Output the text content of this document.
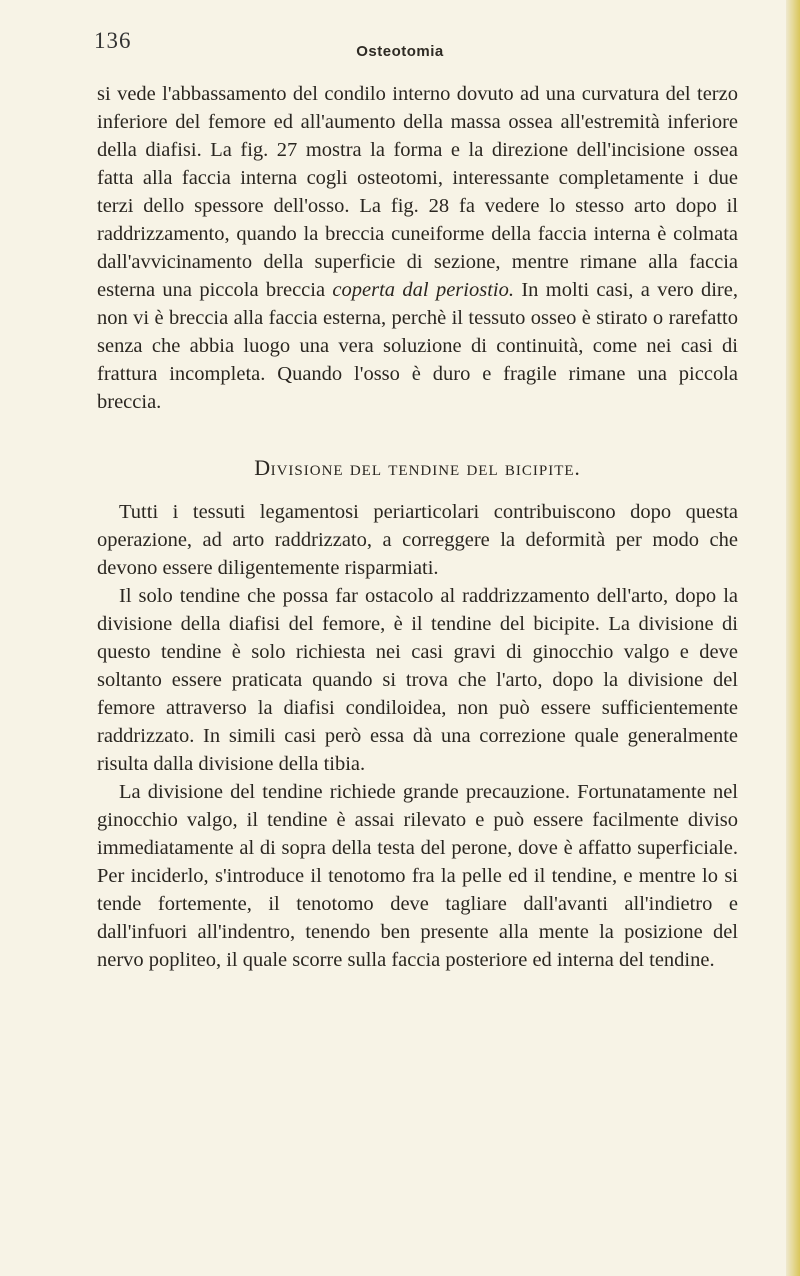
136	Osteotomia

si vede l'abbassamento del condilo interno dovuto ad una curvatura del terzo inferiore del femore ed all'aumento della massa ossea all'estremità inferiore della diafisi. La fig. 27 mostra la forma e la direzione dell'incisione ossea fatta alla faccia interna cogli osteotomi, interessante completamente i due terzi dello spessore dell'osso. La fig. 28 fa vedere lo stesso arto dopo il raddrizzamento, quando la breccia cuneiforme della faccia interna è colmata dall'avvicinamento della superficie di sezione, mentre rimane alla faccia esterna una piccola breccia coperta dal periostio. In molti casi, a vero dire, non vi è breccia alla faccia esterna, perchè il tessuto osseo è stirato o rarefatto senza che abbia luogo una vera soluzione di continuità, come nei casi di frattura incompleta. Quando l'osso è duro e fragile rimane una piccola breccia.

Divisione del tendine del bicipite.

Tutti i tessuti legamentosi periarticolari contribuiscono dopo questa operazione, ad arto raddrizzato, a correggere la deformità per modo che devono essere diligentemente risparmiati.

Il solo tendine che possa far ostacolo al raddrizzamento dell'arto, dopo la divisione della diafisi del femore, è il tendine del bicipite. La divisione di questo tendine è solo richiesta nei casi gravi di ginocchio valgo e deve soltanto essere praticata quando si trova che l'arto, dopo la divisione del femore attraverso la diafisi condiloidea, non può essere sufficientemente raddrizzato. In simili casi però essa dà una correzione quale generalmente risulta dalla divisione della tibia.

La divisione del tendine richiede grande precauzione. Fortunatamente nel ginocchio valgo, il tendine è assai rilevato e può essere facilmente diviso immediatamente al di sopra della testa del perone, dove è affatto superficiale. Per inciderlo, s'introduce il tenotomo fra la pelle ed il tendine, e mentre lo si tende fortemente, il tenotomo deve tagliare dall'avanti all'indietro e dall'infuori all'indentro, tenendo ben presente alla mente la posizione del nervo popliteo, il quale scorre sulla faccia posteriore ed interna del tendine.
